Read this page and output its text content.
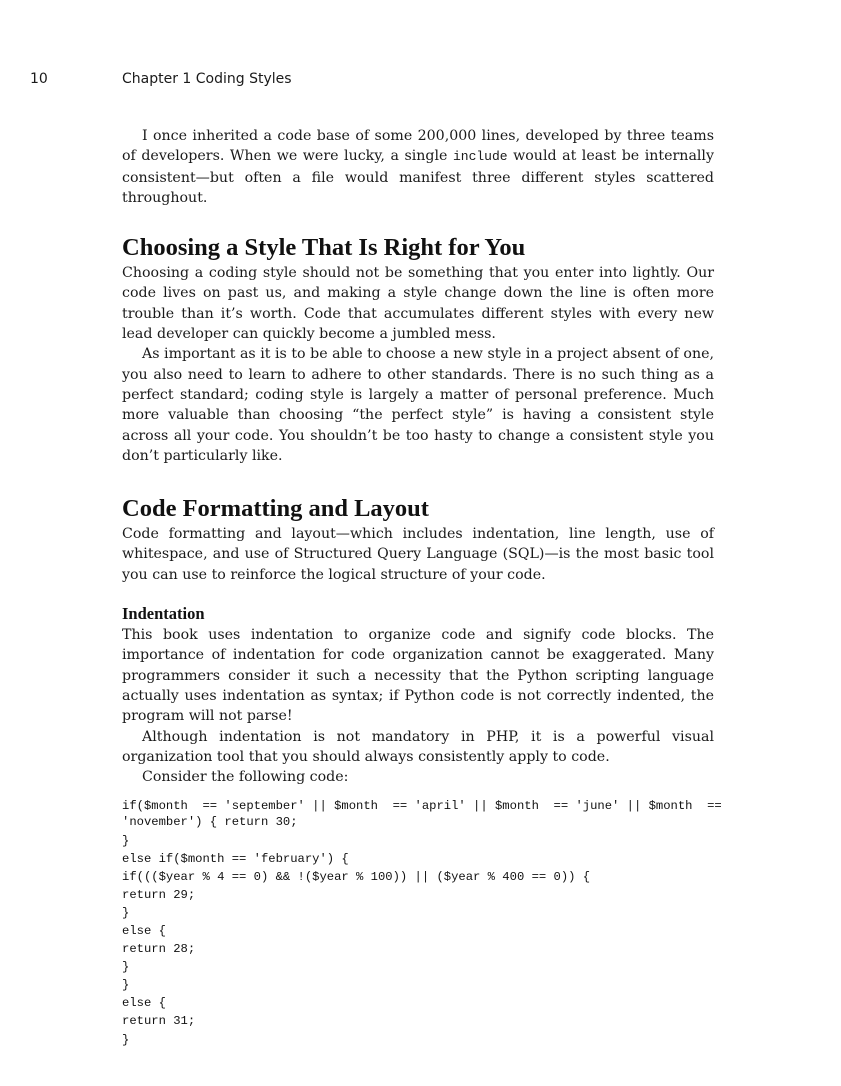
10	Chapter 1 Coding Styles

I once inherited a code base of some 200,000 lines, developed by three teams of developers. When we were lucky, a single include would at least be internally consistent—but often a file would manifest three different styles scattered throughout.

Choosing a Style That Is Right for You

Choosing a coding style should not be something that you enter into lightly. Our code lives on past us, and making a style change down the line is often more trouble than it’s worth. Code that accumulates different styles with every new lead developer can quickly become a jumbled mess.

As important as it is to be able to choose a new style in a project absent of one, you also need to learn to adhere to other standards. There is no such thing as a perfect standard; coding style is largely a matter of personal preference. Much more valuable than choosing “the perfect style” is having a consistent style across all your code. You shouldn’t be too hasty to change a consistent style you don’t particularly like.

Code Formatting and Layout

Code formatting and layout—which includes indentation, line length, use of whitespace, and use of Structured Query Language (SQL)—is the most basic tool you can use to reinforce the logical structure of your code.

Indentation

This book uses indentation to organize code and signify code blocks. The importance of indentation for code organization cannot be exaggerated. Many programmers consider it such a necessity that the Python scripting language actually uses indentation as syntax; if Python code is not correctly indented, the program will not parse!

Although indentation is not mandatory in PHP, it is a powerful visual organization tool that you should always consistently apply to code.

Consider the following code:

if($month  == 'september' || $month  == 'april' || $month  == 'june' || $month  ==
'november') { return 30;
}
else if($month == 'february') {
if((($year % 4 == 0) && !($year % 100)) || ($year % 400 == 0)) {
return 29;
}
else {
return 28;
}
}
else {
return 31;
}
